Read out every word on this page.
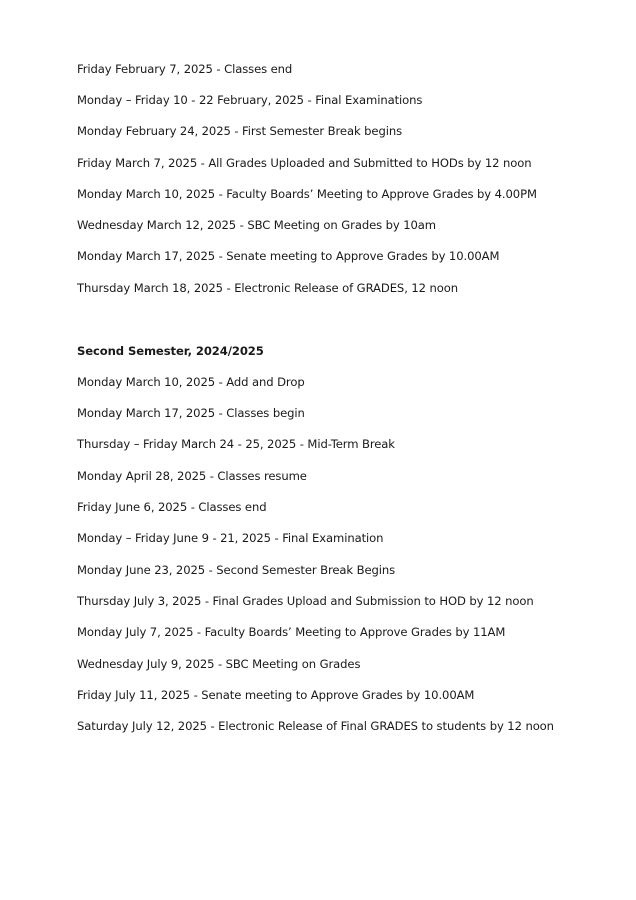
Friday February 7, 2025 - Classes end
Monday – Friday 10 - 22 February, 2025 - Final Examinations
Monday February 24, 2025 - First Semester Break begins
Friday March 7, 2025 - All Grades Uploaded and Submitted to HODs by 12 noon
Monday March 10, 2025 - Faculty Boards’ Meeting to Approve Grades by 4.00PM
Wednesday March 12, 2025 - SBC Meeting on Grades by 10am
Monday March 17, 2025 - Senate meeting to Approve Grades by 10.00AM
Thursday March 18, 2025 - Electronic Release of GRADES, 12 noon
Second Semester, 2024/2025
Monday March 10, 2025 - Add and Drop
Monday March 17, 2025 - Classes begin
Thursday – Friday March 24 - 25, 2025 - Mid-Term Break
Monday April 28, 2025 - Classes resume
Friday June 6, 2025 - Classes end
Monday – Friday June 9 - 21, 2025 - Final Examination
Monday June 23, 2025 - Second Semester Break Begins
Thursday July 3, 2025 - Final Grades Upload and Submission to HOD by 12 noon
Monday July 7, 2025 - Faculty Boards’ Meeting to Approve Grades by 11AM
Wednesday July 9, 2025 - SBC Meeting on Grades
Friday July 11, 2025 - Senate meeting to Approve Grades by 10.00AM
Saturday July 12, 2025 - Electronic Release of Final GRADES to students by 12 noon
